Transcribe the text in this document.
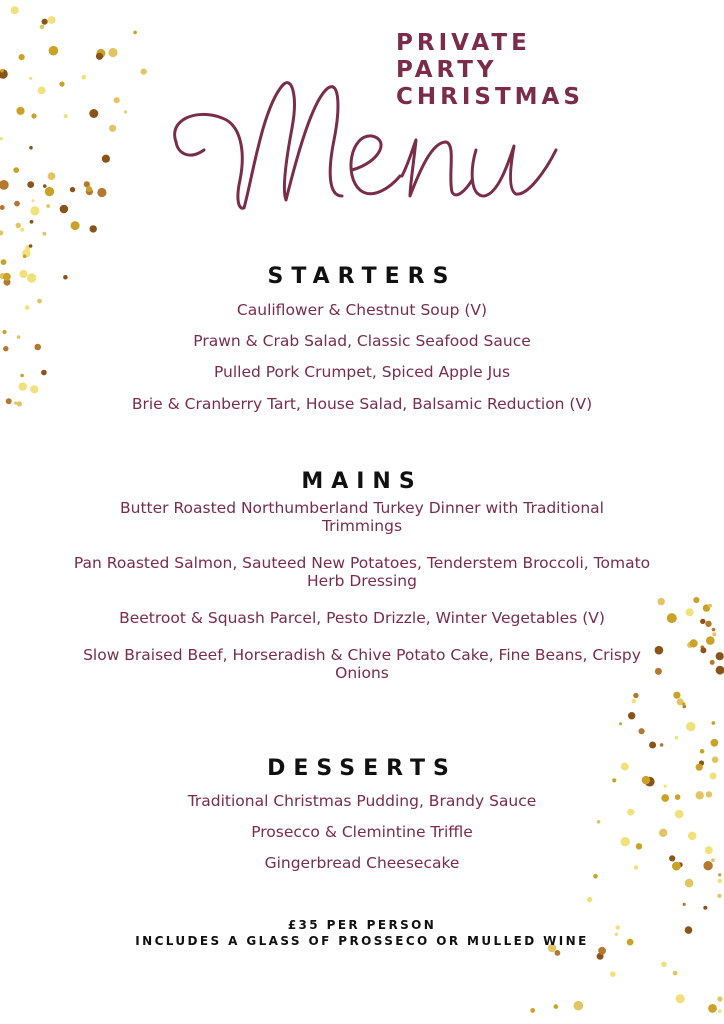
PRIVATE
PARTY
CHRISTMAS
STARTERS
Cauliflower & Chestnut Soup (V)
Prawn & Crab Salad, Classic Seafood Sauce
Pulled Pork Crumpet, Spiced Apple Jus
Brie & Cranberry Tart, House Salad, Balsamic Reduction (V)
MAINS
Butter Roasted Northumberland Turkey Dinner with Traditional Trimmings
Pan Roasted Salmon, Sauteed New Potatoes, Tenderstem Broccoli, Tomato Herb Dressing
Beetroot & Squash Parcel, Pesto Drizzle, Winter Vegetables (V)
Slow Braised Beef, Horseradish & Chive Potato Cake, Fine Beans, Crispy Onions
DESSERTS
Traditional Christmas Pudding, Brandy Sauce
Prosecco & Clemintine Triffle
Gingerbread Cheesecake
£35 PER PERSON
INCLUDES A GLASS OF PROSSECO OR MULLED WINE
